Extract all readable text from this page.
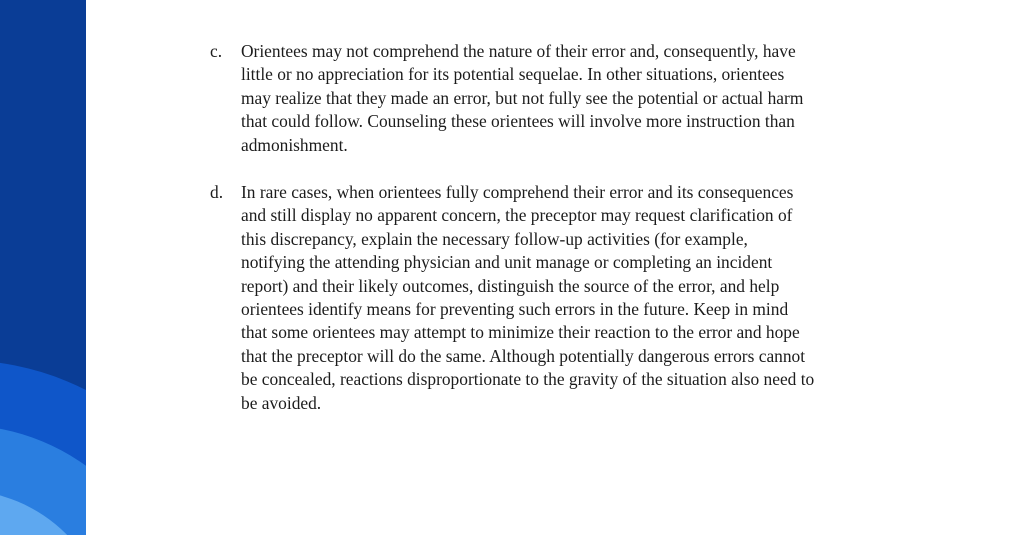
c. Orientees may not comprehend the nature of their error and, consequently, have
little or no appreciation for its potential sequelae. In other situations, orientees
may realize that they made an error, but not fully see the potential or actual harm
that could follow. Counseling these orientees will involve more instruction than
admonishment.
d. In rare cases, when orientees fully comprehend their error and its consequences
and still display no apparent concern, the preceptor may request clarification of
this discrepancy, explain the necessary follow-up activities (for example,
notifying the attending physician and unit manage or completing an incident
report) and their likely outcomes, distinguish the source of the error, and help
orientees identify means for preventing such errors in the future. Keep in mind
that some orientees may attempt to minimize their reaction to the error and hope
that the preceptor will do the same. Although potentially dangerous errors cannot
be concealed, reactions disproportionate to the gravity of the situation also need to
be avoided.
